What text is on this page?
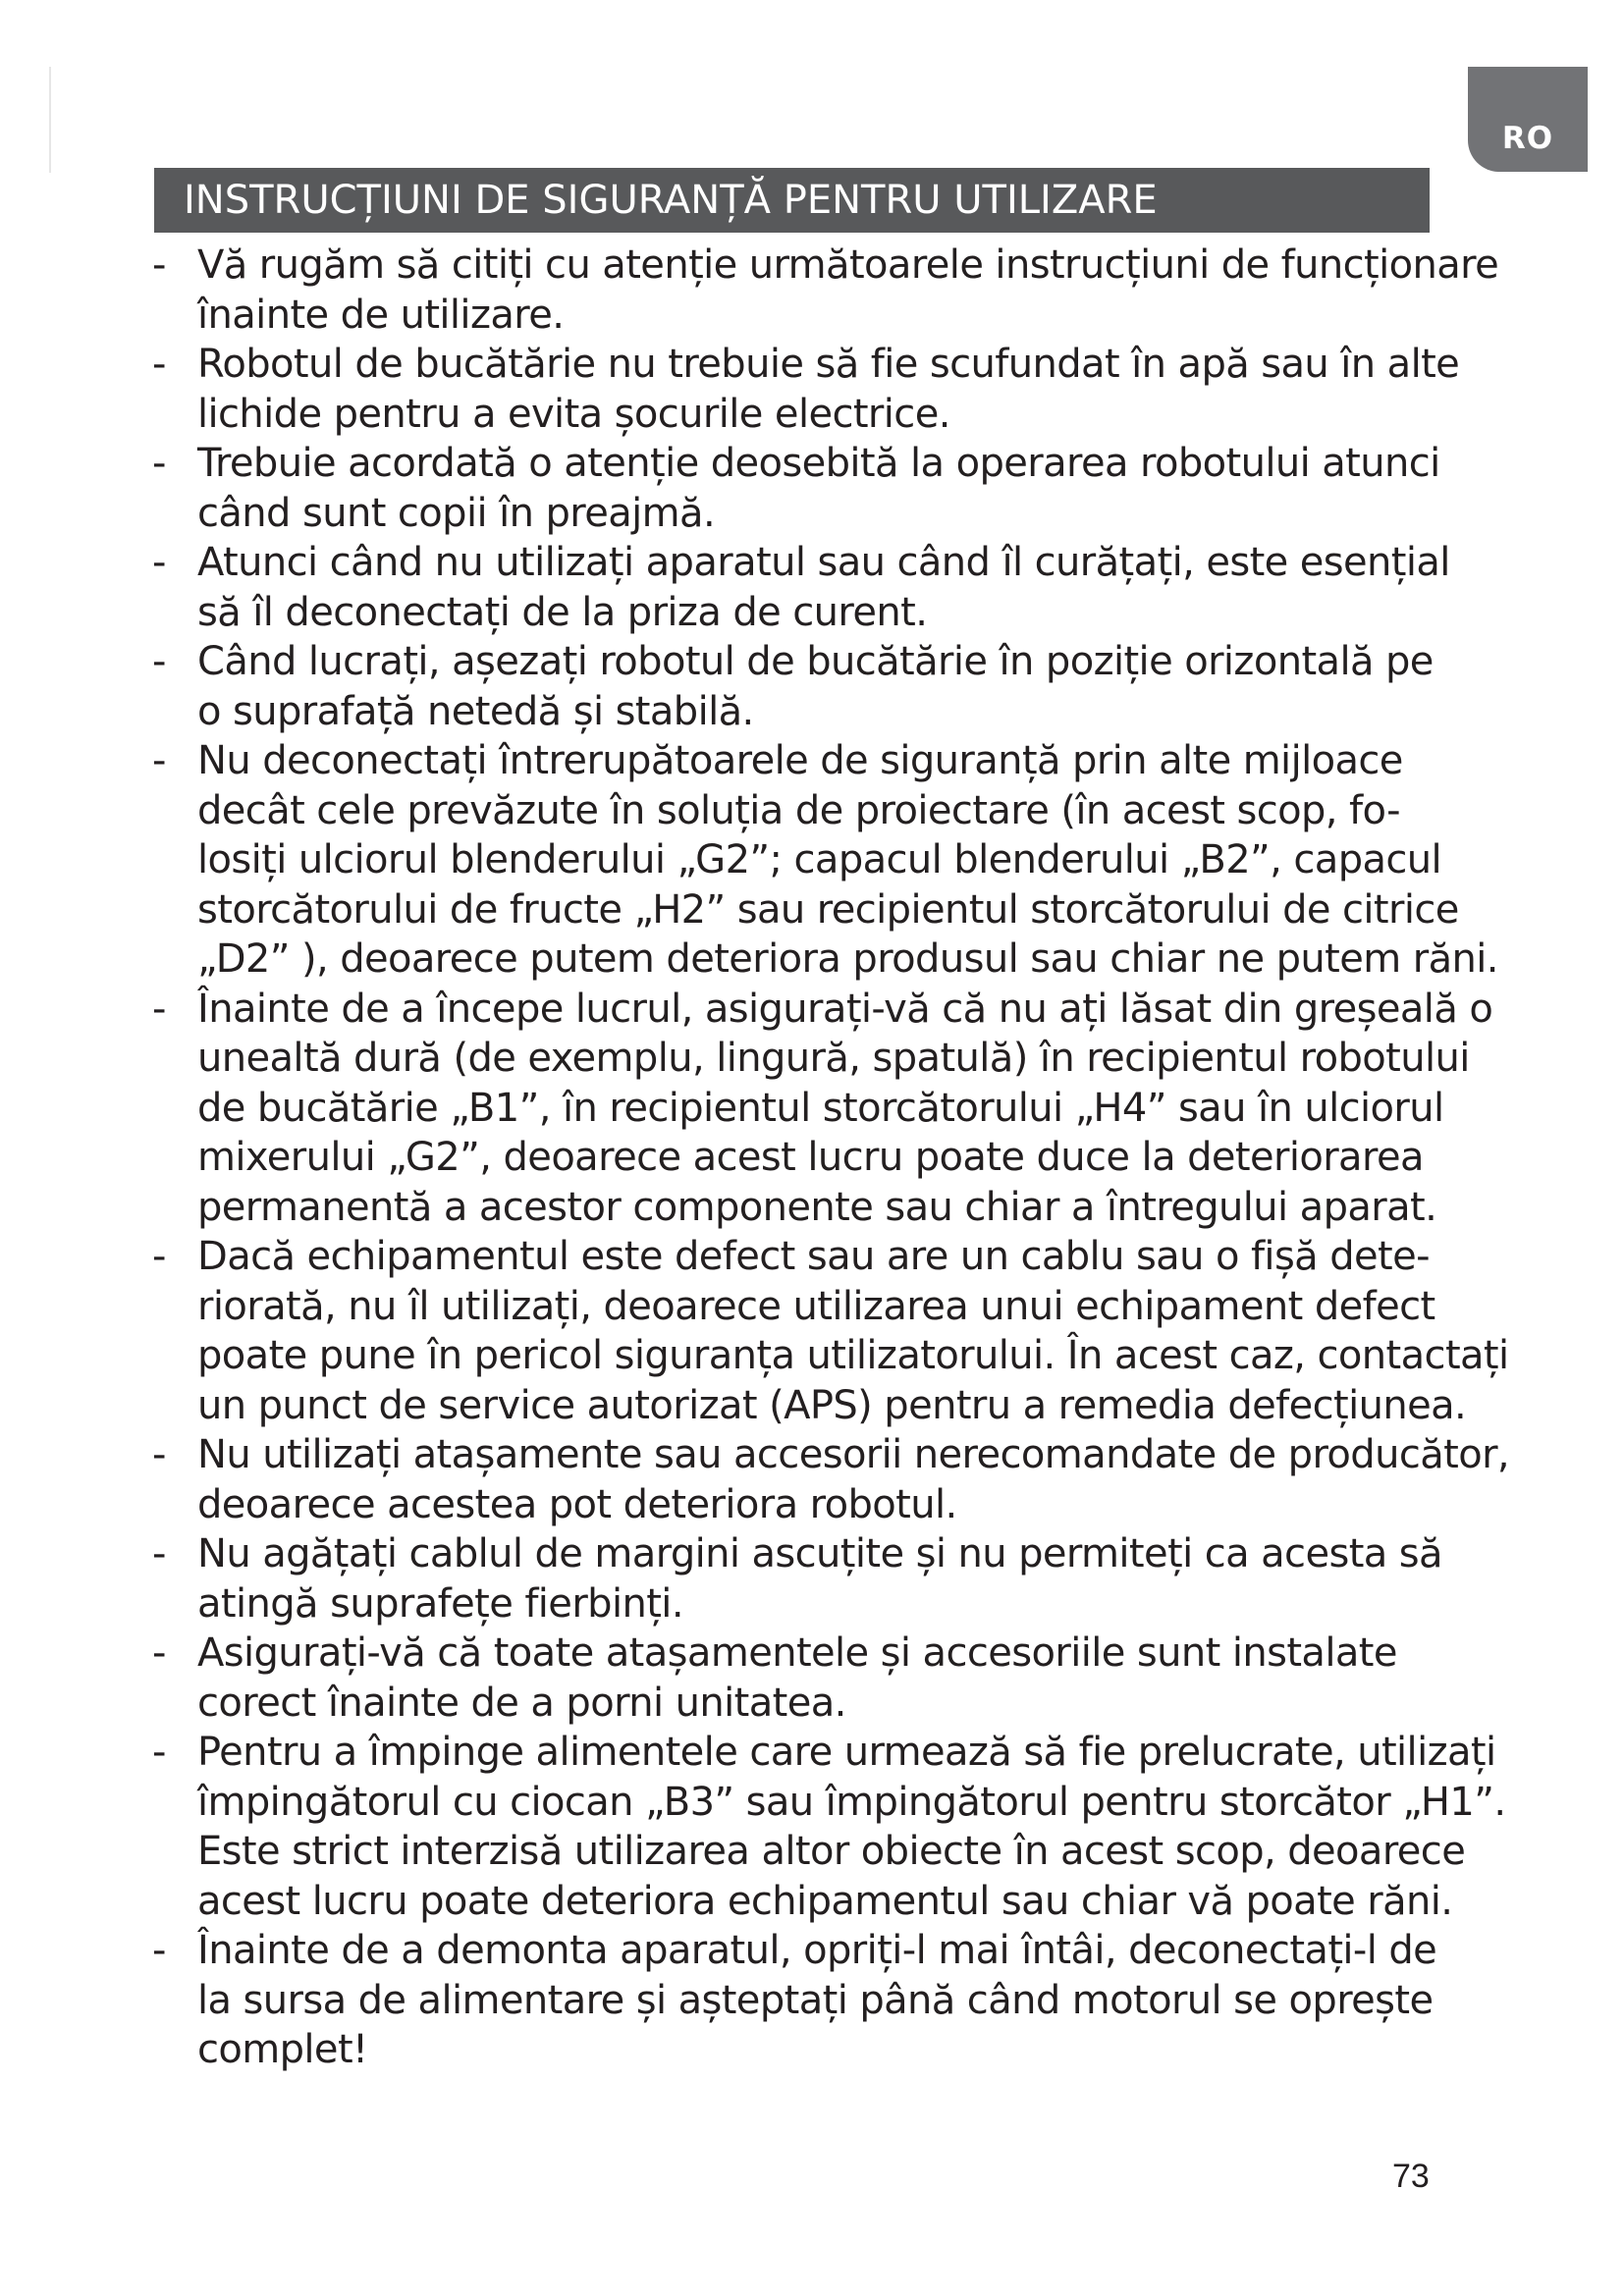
RO
INSTRUCȚIUNI DE SIGURANȚĂ PENTRU UTILIZARE
- Vă rugăm să citiți cu atenție următoarele instrucțiuni de funcționare
înainte de utilizare.
- Robotul de bucătărie nu trebuie să fie scufundat în apă sau în alte
lichide pentru a evita șocurile electrice.
- Trebuie acordată o atenție deosebită la operarea robotului atunci
când sunt copii în preajmă.
- Atunci când nu utilizați aparatul sau când îl curățați, este esențial
să îl deconectați de la priza de curent.
- Când lucrați, așezați robotul de bucătărie în poziție orizontală pe
o suprafață netedă și stabilă.
- Nu deconectați întrerupătoarele de siguranță prin alte mijloace
decât cele prevăzute în soluția de proiectare (în acest scop, fo-
losiți ulciorul blenderului „G2”; capacul blenderului „B2”, capacul
storcătorului de fructe „H2” sau recipientul storcătorului de citrice
„D2” ), deoarece putem deteriora produsul sau chiar ne putem răni.
- Înainte de a începe lucrul, asigurați-vă că nu ați lăsat din greșeală o
unealtă dură (de exemplu, lingură, spatulă) în recipientul robotului
de bucătărie „B1”, în recipientul storcătorului „H4” sau în ulciorul
mixerului „G2”, deoarece acest lucru poate duce la deteriorarea
permanentă a acestor componente sau chiar a întregului aparat.
- Dacă echipamentul este defect sau are un cablu sau o fișă dete-
riorată, nu îl utilizați, deoarece utilizarea unui echipament defect
poate pune în pericol siguranța utilizatorului. În acest caz, contactați
un punct de service autorizat (APS) pentru a remedia defecțiunea.
- Nu utilizați atașamente sau accesorii nerecomandate de producător,
deoarece acestea pot deteriora robotul.
- Nu agățați cablul de margini ascuțite și nu permiteți ca acesta să
atingă suprafețe fierbinți.
- Asigurați-vă că toate atașamentele și accesoriile sunt instalate
corect înainte de a porni unitatea.
- Pentru a împinge alimentele care urmează să fie prelucrate, utilizați
împingătorul cu ciocan „B3” sau împingătorul pentru storcător „H1”.
Este strict interzisă utilizarea altor obiecte în acest scop, deoarece
acest lucru poate deteriora echipamentul sau chiar vă poate răni.
- Înainte de a demonta aparatul, opriți-l mai întâi, deconectați-l de
la sursa de alimentare și așteptați până când motorul se oprește
complet!
73
